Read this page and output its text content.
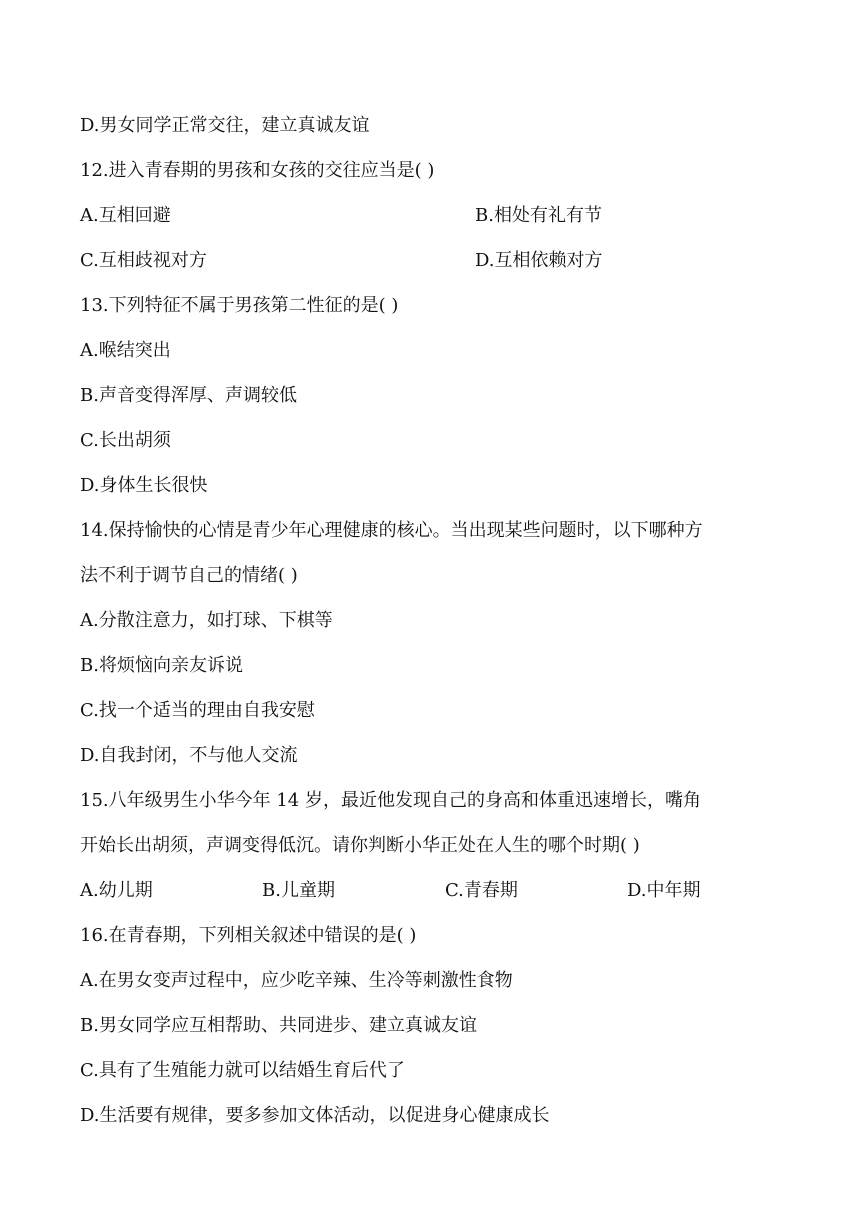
D.男女同学正常交往，建立真诚友谊
12.进入青春期的男孩和女孩的交往应当是( )
A.互相回避	B.相处有礼有节
C.互相歧视对方	D.互相依赖对方
13.下列特征不属于男孩第二性征的是( )
A.喉结突出
B.声音变得浑厚、声调较低
C.长出胡须
D.身体生长很快
14.保持愉快的心情是青少年心理健康的核心。当出现某些问题时，以下哪种方
法不利于调节自己的情绪( )
A.分散注意力，如打球、下棋等
B.将烦恼向亲友诉说
C.找一个适当的理由自我安慰
D.自我封闭，不与他人交流
15.八年级男生小华今年 14 岁，最近他发现自己的身高和体重迅速增长，嘴角
开始长出胡须，声调变得低沉。请你判断小华正处在人生的哪个时期( )
A.幼儿期	B.儿童期	C.青春期	D.中年期
16.在青春期，下列相关叙述中错误的是( )
A.在男女变声过程中，应少吃辛辣、生冷等刺激性食物
B.男女同学应互相帮助、共同进步、建立真诚友谊
C.具有了生殖能力就可以结婚生育后代了
D.生活要有规律，要多参加文体活动，以促进身心健康成长
